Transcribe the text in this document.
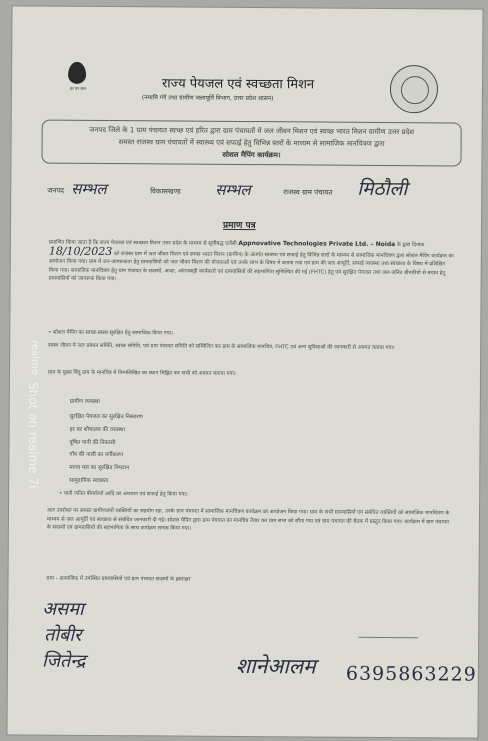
हर घर जल	राज्य पेयजल एवं स्वच्छता मिशन
(नमामि गंगे तथा ग्रामीण जलापूर्ति विभाग, उत्तर प्रदेश शासन)
जनपद जिले के 1 ग्राम पंचायत स्वच्छ एवं हरित द्वारा ग्राम पंचायतों में जल जीवन मिशन एवं स्वच्छ भारत मिशन ग्रामीण उत्तर प्रदेश
समस्त राजस्व ग्राम पंचायतों में स्वास्थ्य एवं सफाई हेतु विभिन्न स्तरों के माध्यम से सामाजिक मानचित्रण द्वारा
सोशल मैपिंग कार्यक्रम।
जनपद सम्भल	विकासखण्ड सम्भल	राजस्व ग्राम पंचायत मिठौली
प्रमाण पत्र
प्रमाणित किया जाता है कि राज्य पेयजल एवं स्वच्छता मिशन उत्तर प्रदेश के माध्यम से सूचीबद्ध एजेंसी Appnovative Technologies Private Ltd. – Noida के द्वारा दिनांक 18/10/2023 को राजस्व ग्राम में जल जीवन मिशन एवं स्वच्छ भारत मिशन (ग्रामीण) के अंतर्गत स्वास्थ्य एवं सफाई हेतु विभिन्न स्तरों के माध्यम से सामाजिक मानचित्रण द्वारा सोशल मैपिंग कार्यक्रम का आयोजन किया गया। ग्राम में जन-जागरूकता हेतु ग्रामवासियों को जल जीवन मिशन की योजनाओं एवं उनके लाभ के विषय में बताया गया एवं ग्राम की जल आपूर्ति, सफाई व्यवस्था तथा स्वच्छता के विषय में प्रशिक्षित किया गया। सामाजिक मानचित्रण हेतु ग्राम पंचायत के सदस्यों, आशा, आंगनबाड़ी कार्यकर्ता एवं ग्रामवासियों की सहभागिता सुनिश्चित की गई (FHTC) हेतु एवं सुरक्षित पेयजल तथा जल-जनित बीमारियों से बचाव हेतु ग्रामवासियों को जागरूक किया गया।
• सोशल मैपिंग का स्वच्छ-स्वस्थ सुरक्षित हेतु सामाजिक किया गया।
स्वस्थ जीवन में जल प्रबंधन समिति, स्वच्छ समिति, एवं ग्राम पंचायत समिति को सम्मिलित कर ग्राम के सामाजिक मानचित्र, FHTC एवं अन्य सुविधाओं की जानकारी से अवगत कराया गया।
ग्राम के मुख्य बिंदु ग्राम के मानचित्र में निम्नलिखित का स्थान चिह्नित कर सभी को अवगत कराया गया।
ग्रामीण व्यवस्था
सुरक्षित पेयजल का सुरक्षित निस्तारण
हर घर शौचालय की व्यवस्था
दूषित पानी की निकासी
गाँव की नाली का वर्गीकरण
मानव मल का सुरक्षित निपटान
सामुदायिक स्वच्छता
• पानी जनित बीमारियाँ आदि का अध्ययन एवं सफाई हेतु किया गया।
अतः उपरोक्त पर समस्त ग्रामीणजनों व्यक्तियों का सहयोग रहा, उनके ग्राम पंचायत में सामाजिक मानचित्रण कार्यक्रम का आयोजन किया गया। ग्राम के सभी ग्रामवासियों एवं संबंधित व्यक्तियों को सामाजिक मानचित्रण के माध्यम से जल आपूर्ति एवं स्वच्छता से संबंधित जानकारी दी गई। सोशल मैपिंग द्वारा ग्राम पंचायत का मानचित्र तैयार कर ग्राम सभा को सौंपा गया एवं ग्राम पंचायत की बैठक में प्रस्तुत किया गया। कार्यक्रम में ग्राम पंचायत के सदस्यों एवं ग्रामवासियों की सहभागिता के साथ कार्यक्रम सम्पन्न किया गया।
ग्राम – सामाजिक में उपस्थित ग्रामवासियों एवं ग्राम पंचायत सदस्यों के हस्ताक्षर
असमा
तोबीर
जितेन्द्र	शानेआलम 6395863229
realme
Shot on realme 7i
2023/10/18 18:54
